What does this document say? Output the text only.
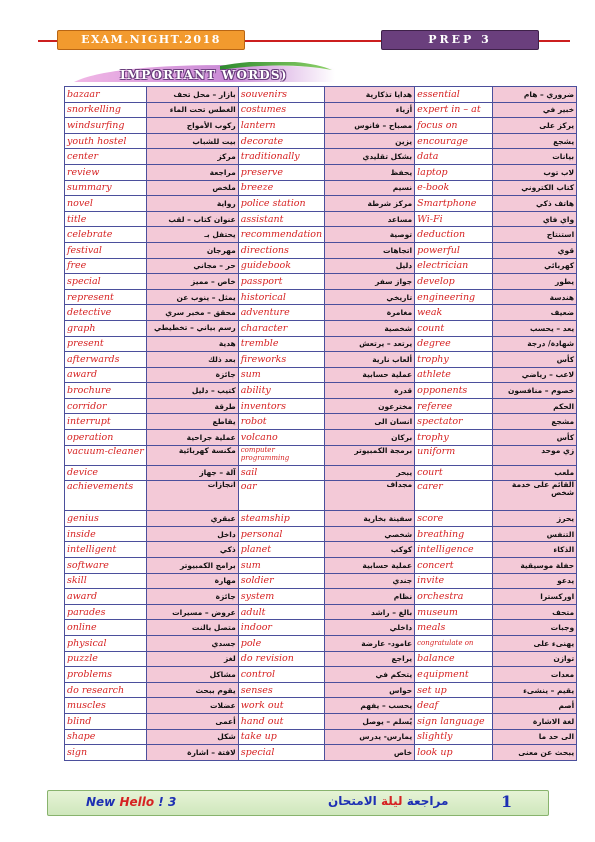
EXAM.NIGHT.2018	PREP 3
IMPORTANT WORDS)
bazaar	بازار – محل تحف	souvenirs	هدايا تذكارية	essential	ضروري – هام
snorkelling	الغطس تحت الماء	costumes	أزياء	expert in – at	خبير في
windsurfing	ركوب الأمواج	lantern	مصباح – فانوس	focus on	يركز على
youth hostel	بيت للشباب	decorate	يزين	encourage	يشجع
center	مركز	traditionally	بشكل تقليدي	data	بيانات
review	مراجعة	preserve	يحفظ	laptop	لاب توب
summary	ملخص	breeze	نسيم	e-book	كتاب الكتروني
novel	رواية	police station	مركز شرطة	Smartphone	هاتف ذكي
title	عنوان كتاب – لقب	assistant	مساعد	Wi-Fi	واي فاي
celebrate	يحتفل بـ	recommendation	توصية	deduction	استنتاج
festival	مهرجان	directions	اتجاهات	powerful	قوي
free	حر – مجاني	guidebook	دليل	electrician	كهربائي
special	خاص – مميز	passport	جواز سفر	develop	يطور
represent	يمثل – ينوب عن	historical	تاريخي	engineering	هندسة
detective	محقق – مخبر سري	adventure	مغامرة	weak	ضعيف
graph	رسم بياني – تخطيطي	character	شخصية	count	يعد – يحسب
present	هدية	tremble	يرتعد – يرتعش	degree	شهادة/ درجة
afterwards	بعد ذلك	fireworks	ألعاب نارية	trophy	كأس
award	جائزة	sum	عملية حسابية	athlete	لاعب – رياضي
brochure	كتيب – دليل	ability	قدرة	opponents	خصوم – منافسون
corridor	طرقة	inventors	مخترعون	referee	الحكم
interrupt	يقاطع	robot	انسان الى	spectator	مشجع
operation	عملية جراحية	volcano	بركان	trophy	كأس
vacuum-cleaner	مكنسة كهربائية	computer programming	برمجة الكمبيوتر	uniform	زي موحد
device	آلة – جهاز	sail	يبحر	court	ملعب
achievements	انجازات	oar	مجداف	carer	القائم على خدمة شخص
genius	عبقري	steamship	سفينة بخارية	score	يحرز
inside	داخل	personal	شخصي	breathing	التنفس
intelligent	ذكي	planet	كوكب	intelligence	الذكاء
software	برامج الكمبيوتر	sum	عملية حسابية	concert	حفلة موسيقية
skill	مهارة	soldier	جندي	invite	يدعو
award	جائزة	system	نظام	orchestra	اوركسترا
parades	عروض – مسيرات	adult	بالغ – راشد	museum	متحف
online	متصل بالنت	indoor	داخلي	meals	وجبات
physical	جسدي	pole	عامود- عارضة	congratulate on	يهنىء على
puzzle	لغز	do revision	يراجع	balance	توازن
problems	مشاكل	control	يتحكم في	equipment	معدات
do research	يقوم ببحث	senses	حواس	set up	يقيم – ينشىء
muscles	عضلات	work out	يحسب – يفهم	deaf	أصم
blind	أعمى	hand out	يُسلم – يوصل	sign language	لغة الاشارة
shape	شكل	take up	يمارس- يدرس	slightly	الى حد ما
sign	لافتة – اشارة	special	خاص	look up	يبحث عن معنى
New Hello ! 3	مراجعة ليلة الامتحان	1
